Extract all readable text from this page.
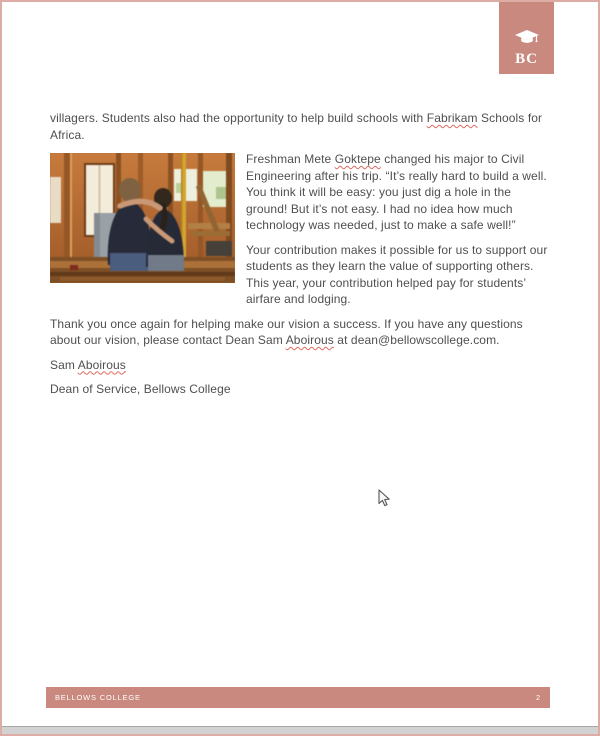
BC

villagers. Students also had the opportunity to help build schools with Fabrikam Schools for Africa.

Freshman Mete Goktepe changed his major to Civil Engineering after his trip. “It’s really hard to build a well. You think it will be easy: you just dig a hole in the ground! But it’s not easy. I had no idea how much technology was needed, just to make a safe well!”

Your contribution makes it possible for us to support our students as they learn the value of supporting others. This year, your contribution helped pay for students’ airfare and lodging.

Thank you once again for helping make our vision a success. If you have any questions about our vision, please contact Dean Sam Aboirous at dean@bellowscollege.com.

Sam Aboirous

Dean of Service, Bellows College

BELLOWS COLLEGE	2
